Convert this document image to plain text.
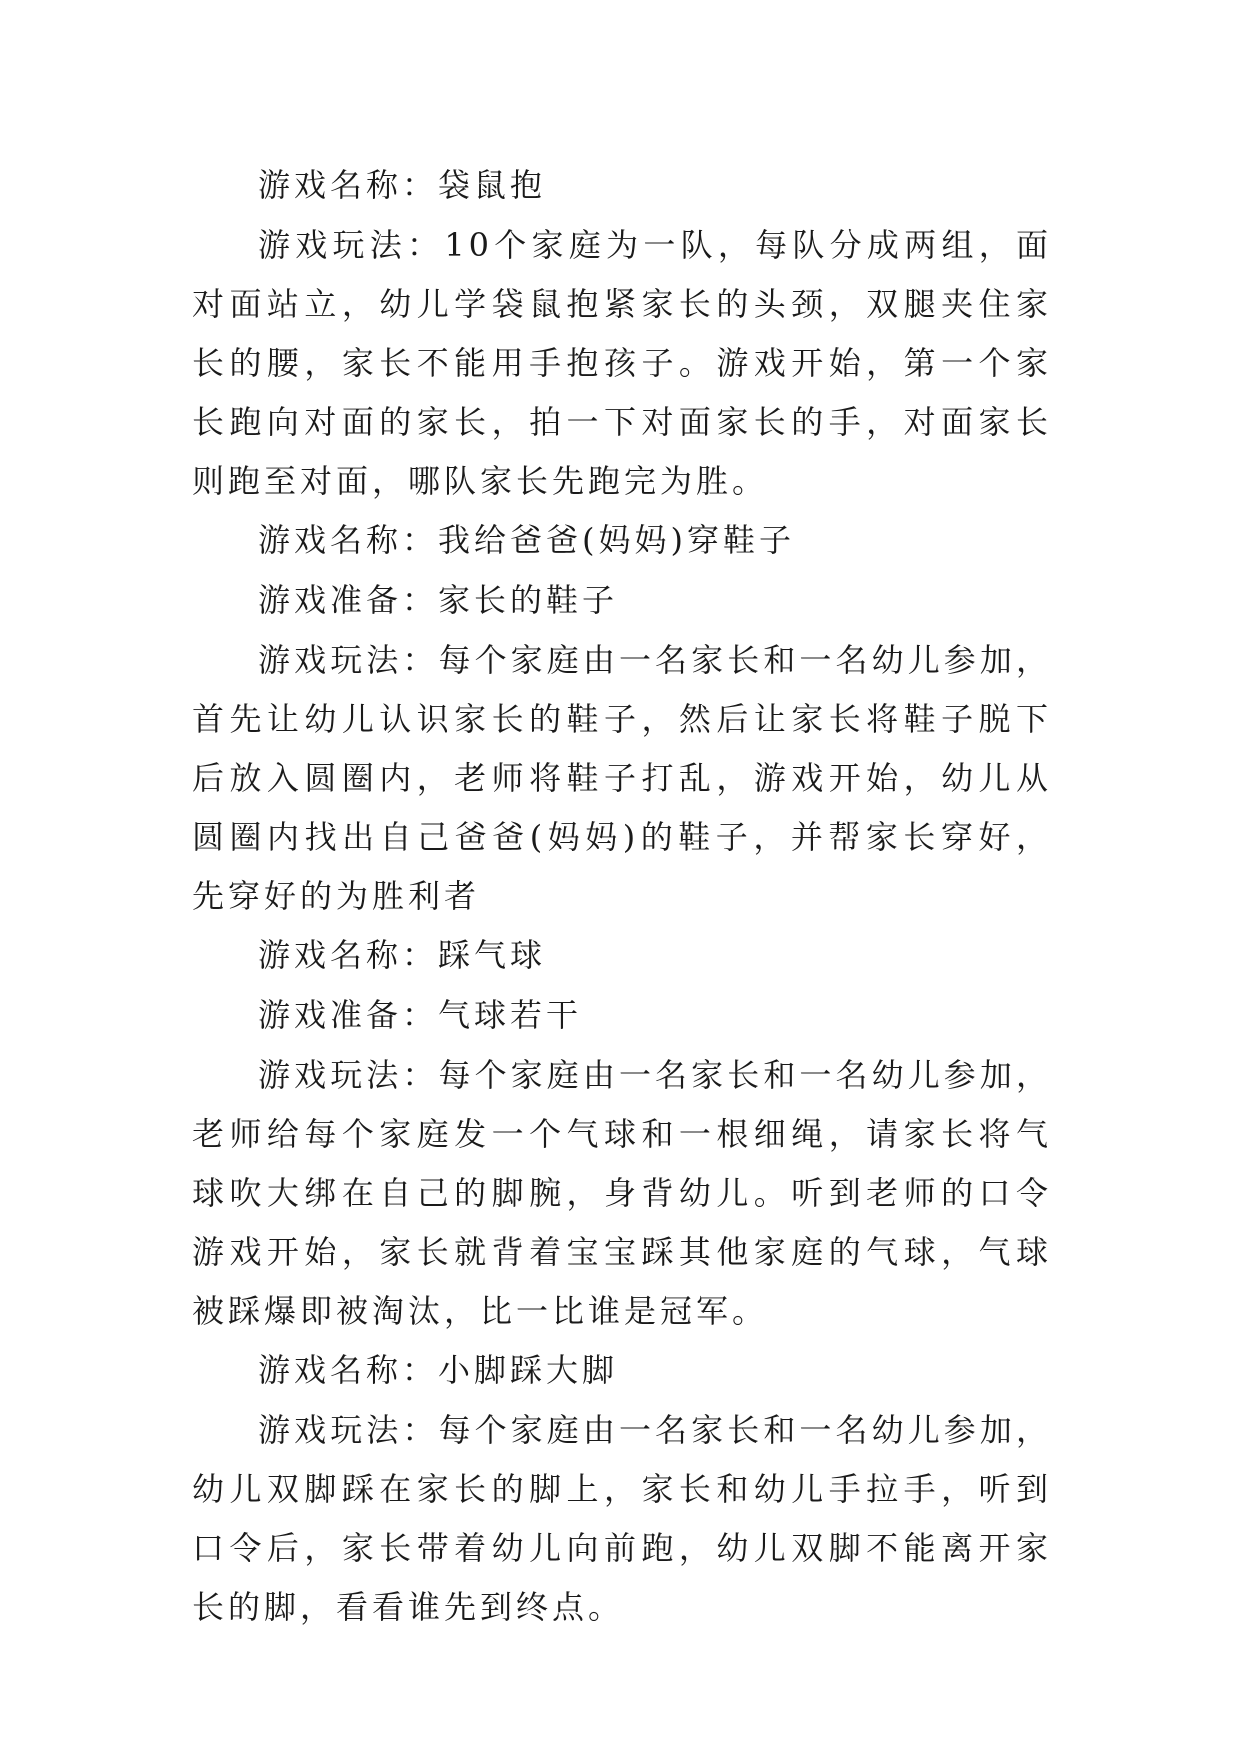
游戏名称：袋鼠抱

游戏玩法：10个家庭为一队，每队分成两组，面对面站立，幼儿学袋鼠抱紧家长的头颈，双腿夹住家长的腰，家长不能用手抱孩子。游戏开始，第一个家长跑向对面的家长，拍一下对面家长的手，对面家长则跑至对面，哪队家长先跑完为胜。

游戏名称：我给爸爸(妈妈)穿鞋子

游戏准备：家长的鞋子

游戏玩法：每个家庭由一名家长和一名幼儿参加，首先让幼儿认识家长的鞋子，然后让家长将鞋子脱下后放入圆圈内，老师将鞋子打乱，游戏开始，幼儿从圆圈内找出自己爸爸(妈妈)的鞋子，并帮家长穿好，先穿好的为胜利者

游戏名称：踩气球

游戏准备：气球若干

游戏玩法：每个家庭由一名家长和一名幼儿参加，老师给每个家庭发一个气球和一根细绳，请家长将气球吹大绑在自己的脚腕，身背幼儿。听到老师的口令游戏开始，家长就背着宝宝踩其他家庭的气球，气球被踩爆即被淘汰，比一比谁是冠军。

游戏名称：小脚踩大脚

游戏玩法：每个家庭由一名家长和一名幼儿参加，幼儿双脚踩在家长的脚上，家长和幼儿手拉手，听到口令后，家长带着幼儿向前跑，幼儿双脚不能离开家长的脚，看看谁先到终点。
